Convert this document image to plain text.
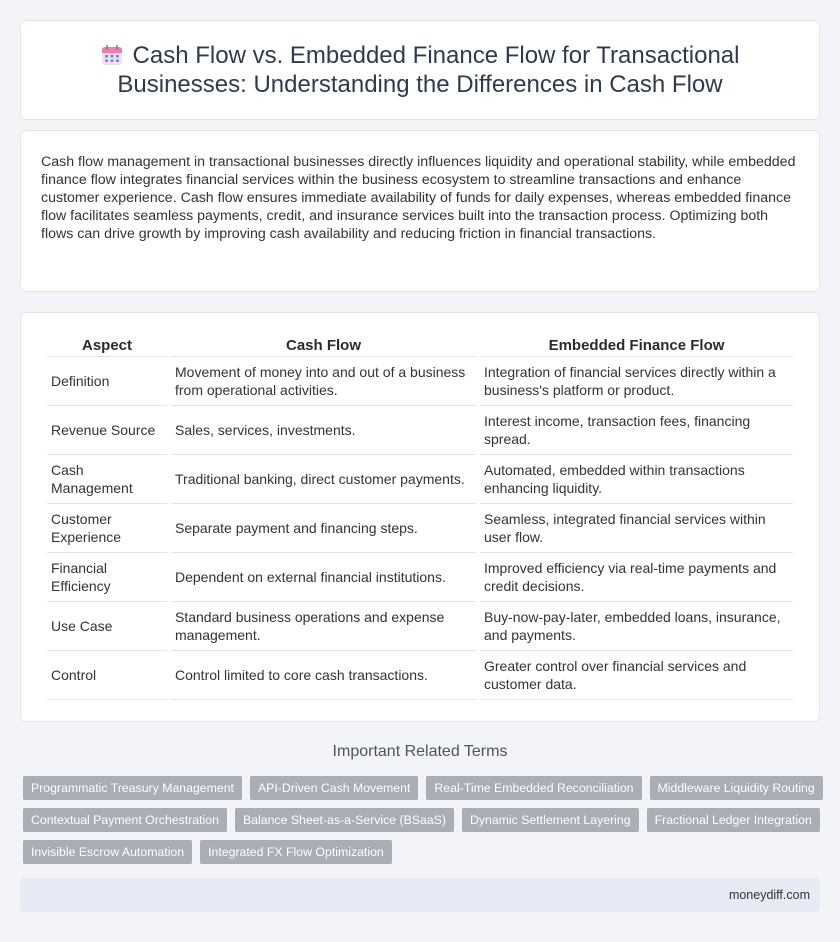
Cash Flow vs. Embedded Finance Flow for Transactional Businesses: Understanding the Differences in Cash Flow

Cash flow management in transactional businesses directly influences liquidity and operational stability, while embedded finance flow integrates financial services within the business ecosystem to streamline transactions and enhance customer experience. Cash flow ensures immediate availability of funds for daily expenses, whereas embedded finance flow facilitates seamless payments, credit, and insurance services built into the transaction process. Optimizing both flows can drive growth by improving cash availability and reducing friction in financial transactions.

Aspect	Cash Flow	Embedded Finance Flow
Definition	Movement of money into and out of a business from operational activities.	Integration of financial services directly within a business's platform or product.
Revenue Source	Sales, services, investments.	Interest income, transaction fees, financing spread.
Cash Management	Traditional banking, direct customer payments.	Automated, embedded within transactions enhancing liquidity.
Customer Experience	Separate payment and financing steps.	Seamless, integrated financial services within user flow.
Financial Efficiency	Dependent on external financial institutions.	Improved efficiency via real-time payments and credit decisions.
Use Case	Standard business operations and expense management.	Buy-now-pay-later, embedded loans, insurance, and payments.
Control	Control limited to core cash transactions.	Greater control over financial services and customer data.
Important Related Terms
Programmatic Treasury Management	API-Driven Cash Movement	Real-Time Embedded Reconciliation	Middleware Liquidity Routing
Contextual Payment Orchestration	Balance Sheet-as-a-Service (BSaaS)	Dynamic Settlement Layering	Fractional Ledger Integration
Invisible Escrow Automation	Integrated FX Flow Optimization
moneydiff.com
